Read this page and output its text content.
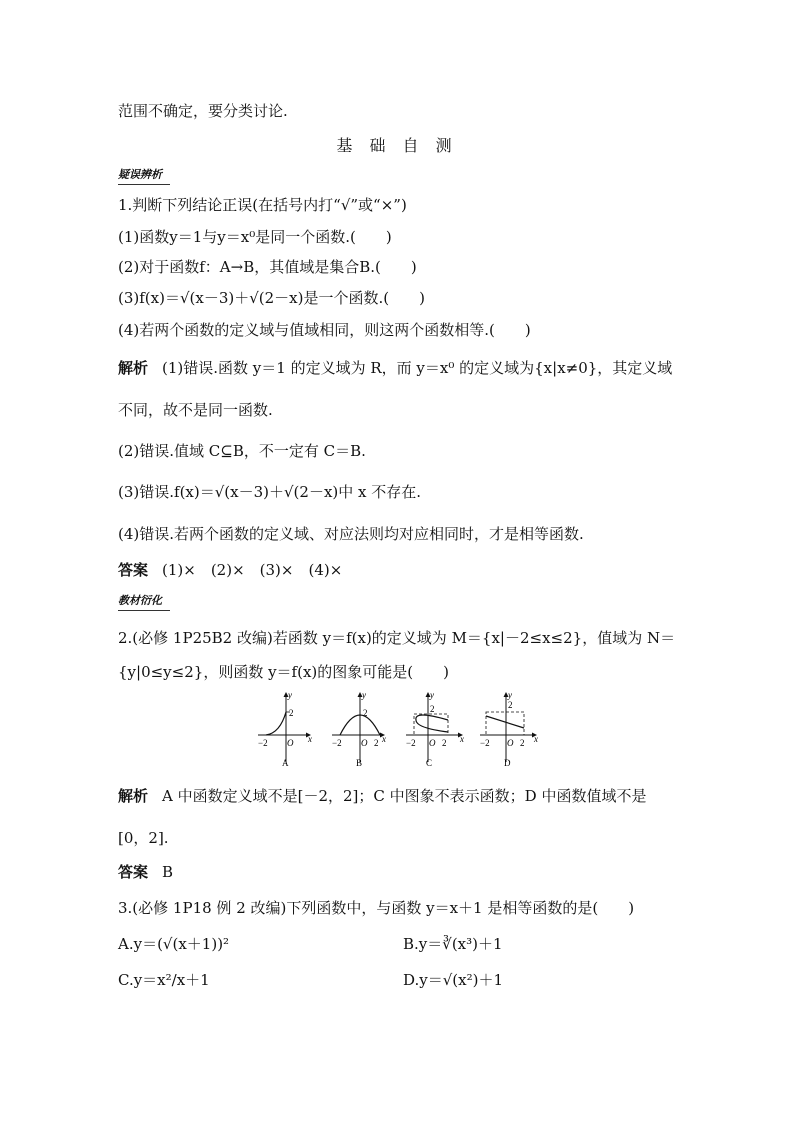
范围不确定，要分类讨论.
基 础 自 测
疑误辨析
1.判断下列结论正误(在括号内打“√”或“×”)
(1)函数y＝1与y＝x⁰是同一个函数.(　　)
(2)对于函数f：A→B，其值域是集合B.(　　)
(3)f(x)＝√(x－3)＋√(2－x)是一个函数.(　　)
(4)若两个函数的定义域与值域相同，则这两个函数相等.(　　)
解析 (1)错误.函数 y＝1 的定义域为 R，而 y＝x⁰ 的定义域为{x|x≠0}，其定义域
不同，故不是同一函数.
(2)错误.值域 C⊆B，不一定有 C＝B.
(3)错误.f(x)＝√(x－3)＋√(2－x)中 x 不存在.
(4)错误.若两个函数的定义域、对应法则均对应相同时，才是相等函数.
答案 (1)×　(2)×　(3)×　(4)×
教材衍化
2.(必修 1P25B2 改编)若函数 y＝f(x)的定义域为 M＝{x|－2≤x≤2}，值域为 N＝
{y|0≤y≤2}，则函数 y＝f(x)的图象可能是(　　)
2
−2 O x
y
A
2
−2 O 2 x
y
B
2
−2 O 2 x
y
C
2
−2 O 2 x
y
D
解析 A 中函数定义域不是[－2，2]；C 中图象不表示函数；D 中函数值域不是
[0，2].
答案 B
3.(必修 1P18 例 2 改编)下列函数中，与函数 y＝x＋1 是相等函数的是(　　)
A.y＝(√(x＋1))²	B.y＝∛(x³)＋1
C.y＝x²/x＋1	D.y＝√(x²)＋1
